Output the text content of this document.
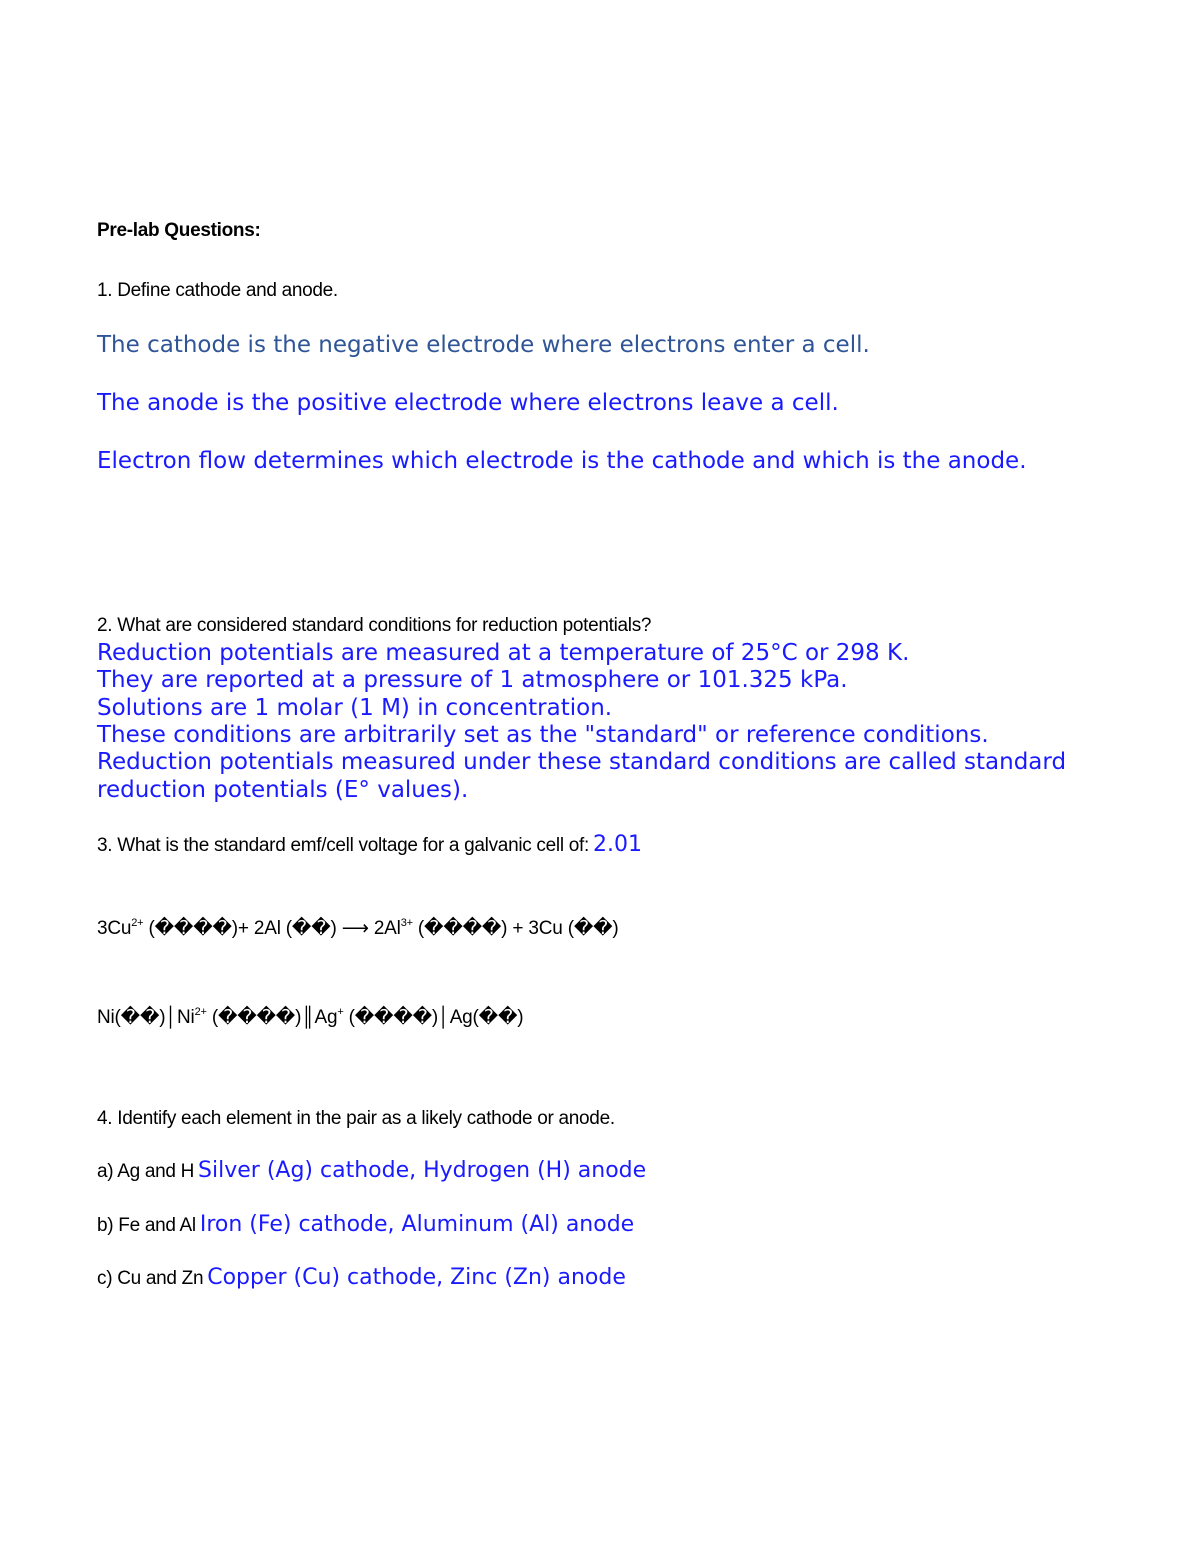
Pre-lab Questions:
1. Define cathode and anode.
The cathode is the negative electrode where electrons enter a cell.
The anode is the positive electrode where electrons leave a cell.
Electron flow determines which electrode is the cathode and which is the anode.
2. What are considered standard conditions for reduction potentials?
Reduction potentials are measured at a temperature of 25°C or 298 K.
They are reported at a pressure of 1 atmosphere or 101.325 kPa.
Solutions are 1 molar (1 M) in concentration.
These conditions are arbitrarily set as the "standard" or reference conditions.
Reduction potentials measured under these standard conditions are called standard
reduction potentials (E° values).
3. What is the standard emf/cell voltage for a galvanic cell of: 2.01
$3Cu^{2+}$ (����)+ 2Al (��) ⟶ $2Al^{3+}$ (����) + 3Cu (��)
$Ni(��)│Ni^{2+}$ (����)║Ag+ (����)│Ag(��)
4. Identify each element in the pair as a likely cathode or anode.
a) Ag and H Silver (Ag) cathode, Hydrogen (H) anode
b) Fe and Al Iron (Fe) cathode, Aluminum (Al) anode
c) Cu and Zn Copper (Cu) cathode, Zinc (Zn) anode
